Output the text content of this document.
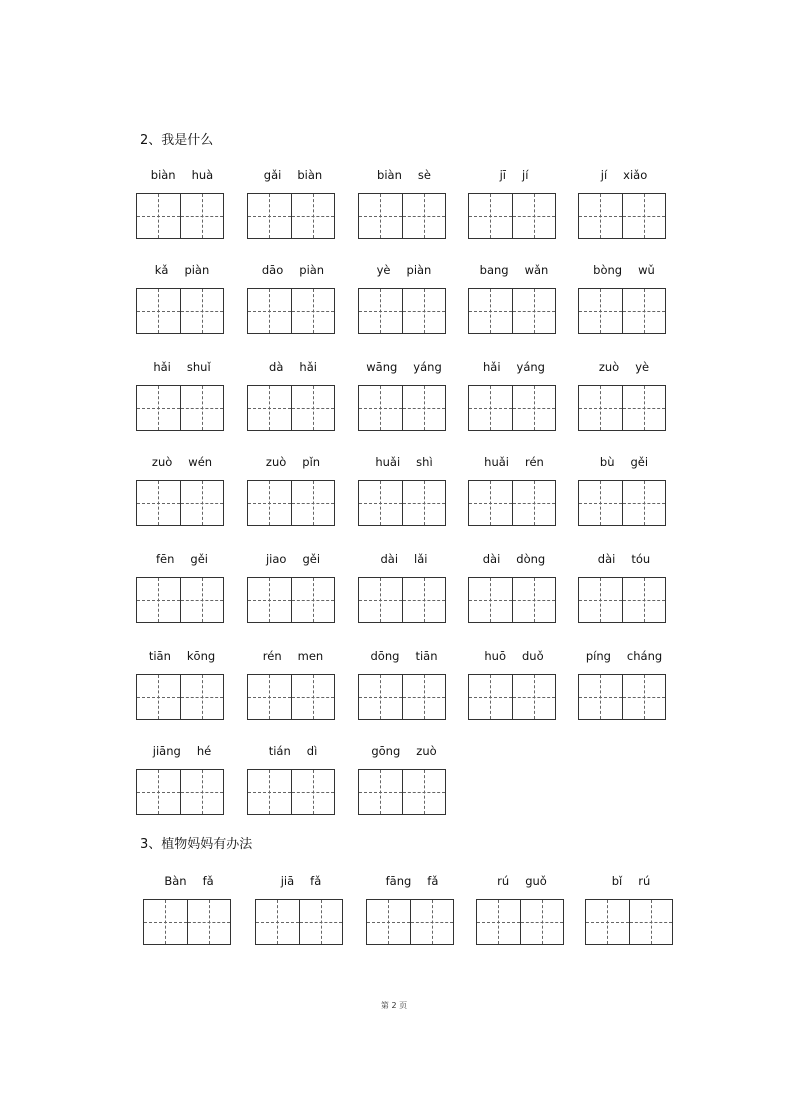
2、我是什么
3、植物妈妈有办法
biàn huà	gǎi biàn	biàn sè	jī jí	jí xiǎo
kǎ piàn	dāo piàn	yè piàn	bang wǎn	bòng wǔ
hǎi shuǐ	dà hǎi	wāng yáng	hǎi yáng	zuò yè
zuò wén	zuò pǐn	huǎi shì	huǎi rén	bù gěi
fēn gěi	jiao gěi	dài lǎi	dài dòng	dài tóu
tiān kōng	rén men	dōng tiān	huō duǒ	píng cháng
jiāng hé	tián dì	gōng zuò
Bàn fǎ	jiā fǎ	fāng fǎ	rú guǒ	bǐ rú
第 2 页
